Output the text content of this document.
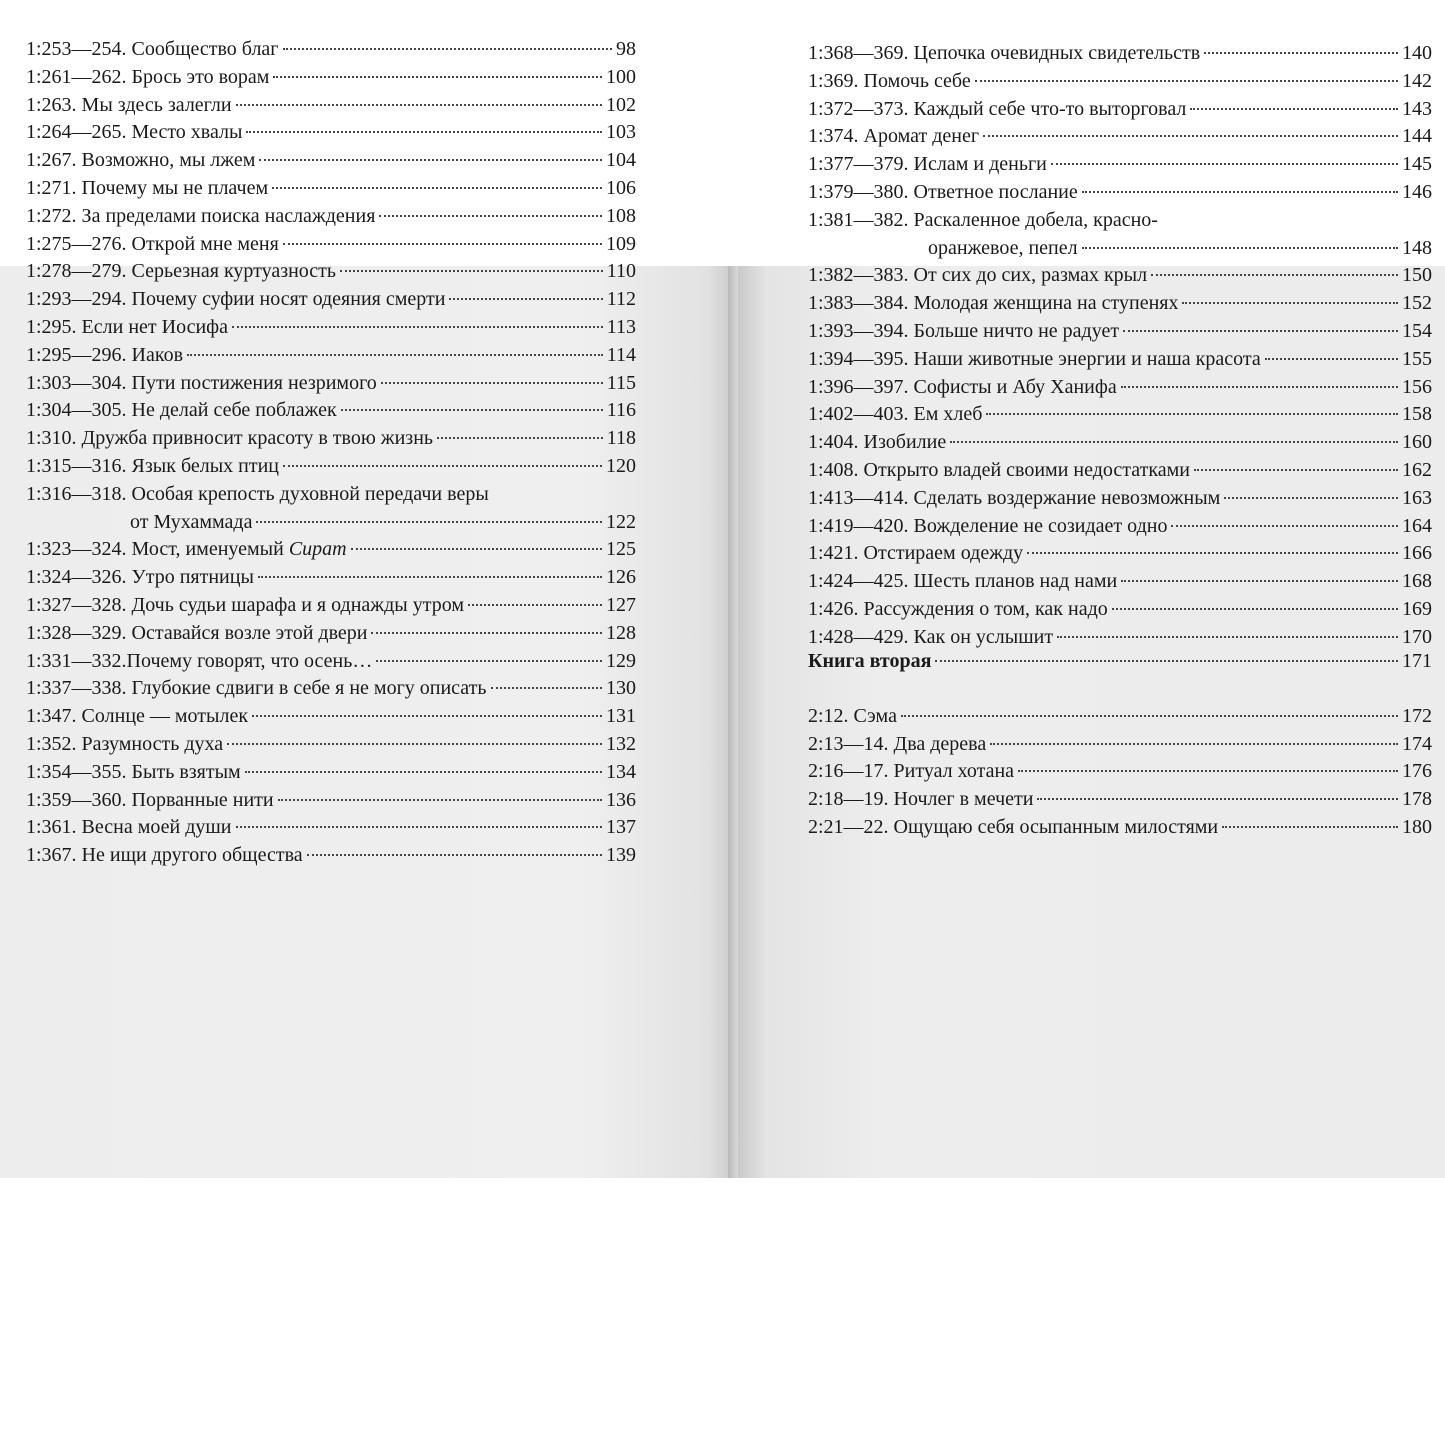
1:253—254. Сообщество благ	98
1:261—262. Брось это ворам	100
1:263. Мы здесь залегли	102
1:264—265. Место хвалы	103
1:267. Возможно, мы лжем	104
1:271. Почему мы не плачем	106
1:272. За пределами поиска наслаждения	108
1:275—276. Открой мне меня	109
1:278—279. Серьезная куртуазность	110
1:293—294. Почему суфии носят одеяния смерти	112
1:295. Если нет Иосифа	113
1:295—296. Иаков	114
1:303—304. Пути постижения незримого	115
1:304—305. Не делай себе поблажек	116
1:310. Дружба привносит красоту в твою жизнь	118
1:315—316. Язык белых птиц	120
1:316—318. Особая крепость духовной передачи веры
от Мухаммада	122
1:323—324. Мост, именуемый Сират	125
1:324—326. Утро пятницы	126
1:327—328. Дочь судьи шарафа и я однажды утром	127
1:328—329. Оставайся возле этой двери	128
1:331—332.Почему говорят, что осень…	129
1:337—338. Глубокие сдвиги в себе я не могу описать	130
1:347. Солнце — мотылек	131
1:352. Разумность духа	132
1:354—355. Быть взятым	134
1:359—360. Порванные нити	136
1:361. Весна моей души	137
1:367. Не ищи другого общества	139
1:368—369. Цепочка очевидных свидетельств	140
1:369. Помочь себе	142
1:372—373. Каждый себе что-то выторговал	143
1:374. Аромат денег	144
1:377—379. Ислам и деньги	145
1:379—380. Ответное послание	146
1:381—382. Раскаленное добела, красно-
оранжевое, пепел	148
1:382—383. От сих до сих, размах крыл	150
1:383—384. Молодая женщина на ступенях	152
1:393—394. Больше ничто не радует	154
1:394—395. Наши животные энергии и наша красота	155
1:396—397. Софисты и Абу Ханифа	156
1:402—403. Ем хлеб	158
1:404. Изобилие	160
1:408. Открыто владей своими недостатками	162
1:413—414. Сделать воздержание невозможным	163
1:419—420. Вожделение не созидает одно	164
1:421. Отстираем одежду	166
1:424—425. Шесть планов над нами	168
1:426. Рассуждения о том, как надо	169
1:428—429. Как он услышит	170
Книга вторая	171
2:12. Сэма	172
2:13—14. Два дерева	174
2:16—17. Ритуал хотана	176
2:18—19. Ночлег в мечети	178
2:21—22. Ощущаю себя осыпанным милостями	180
